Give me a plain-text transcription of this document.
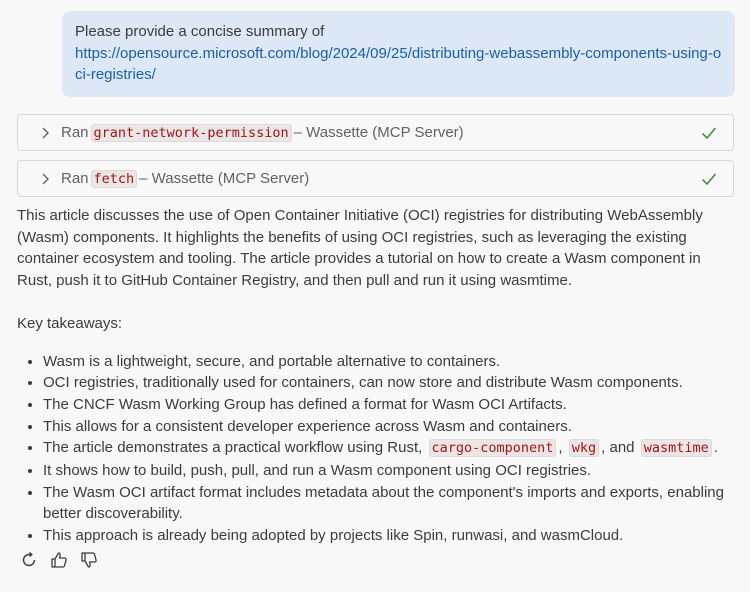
Please provide a concise summary of
https://opensource.microsoft.com/blog/2024/09/25/distributing-webassembly-components-using-oci-registries/
Ran grant-network-permission – Wassette (MCP Server)
Ran fetch – Wassette (MCP Server)

This article discusses the use of Open Container Initiative (OCI) registries for distributing WebAssembly (Wasm) components. It highlights the benefits of using OCI registries, such as leveraging the existing container ecosystem and tooling. The article provides a tutorial on how to create a Wasm component in Rust, push it to GitHub Container Registry, and then pull and run it using wasmtime.

Key takeaways:

• Wasm is a lightweight, secure, and portable alternative to containers.
• OCI registries, traditionally used for containers, can now store and distribute Wasm components.
• The CNCF Wasm Working Group has defined a format for Wasm OCI Artifacts.
• This allows for a consistent developer experience across Wasm and containers.
• The article demonstrates a practical workflow using Rust, cargo-component , wkg , and wasmtime .
• It shows how to build, push, pull, and run a Wasm component using OCI registries.
• The Wasm OCI artifact format includes metadata about the component's imports and exports, enabling better discoverability.
• This approach is already being adopted by projects like Spin, runwasi, and wasmCloud.
